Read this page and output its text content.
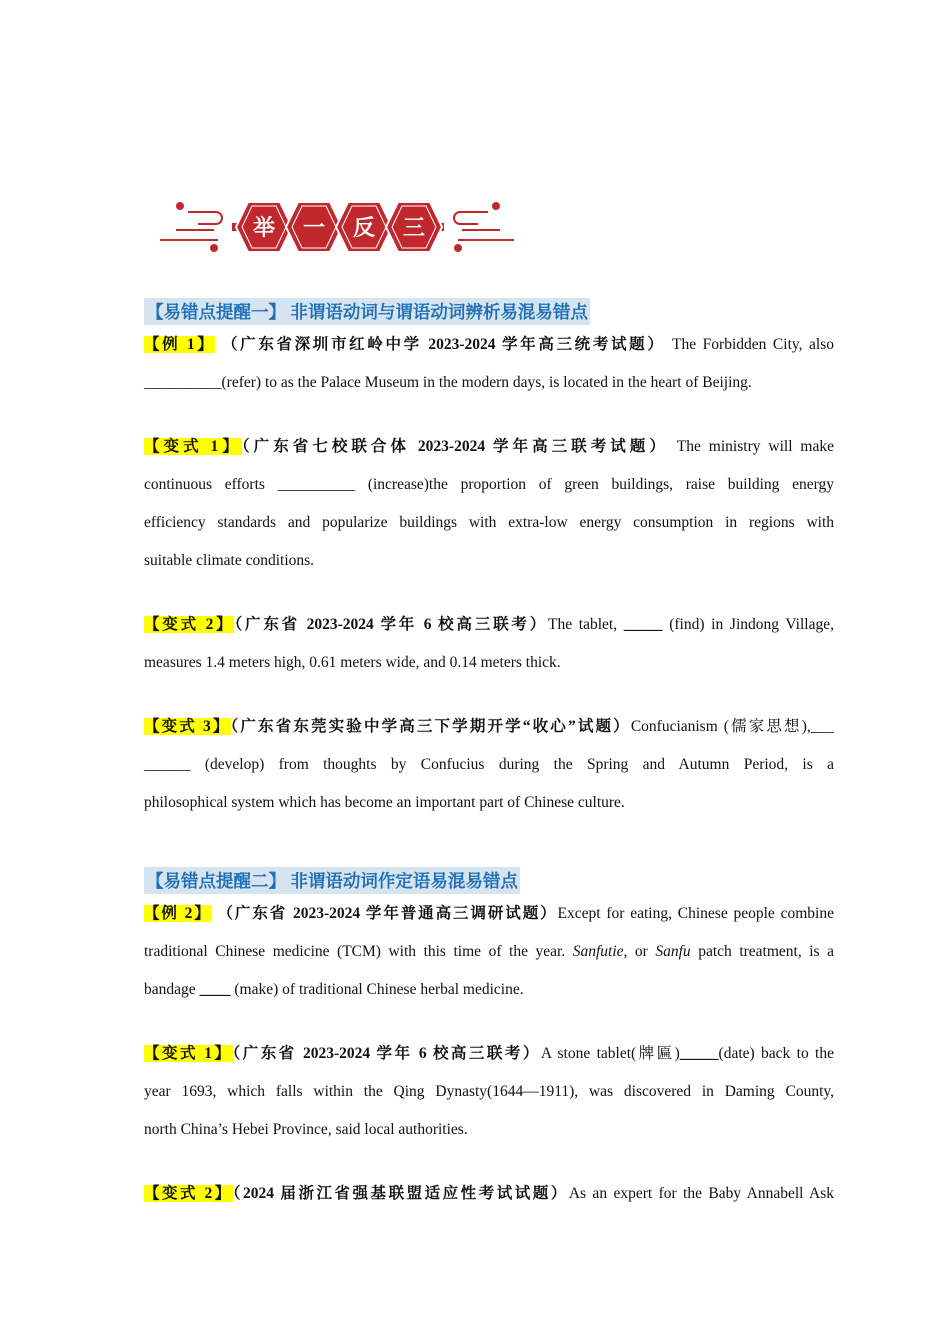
举	一	反	三
【易错点提醒一】 非谓语动词与谓语动词辨析易混易错点
【例 1】 （广东省深圳市红岭中学 2023-2024 学年高三统考试题） The Forbidden City, also
__________(refer) to as the Palace Museum in the modern days, is located in the heart of Beijing.
【变式 1】（广东省七校联合体 2023-2024 学年高三联考试题） The ministry will make
continuous efforts __________ (increase)the proportion of green buildings, raise building energy
efficiency standards and popularize buildings with extra-low energy consumption in regions with
suitable climate conditions.
【变式 2】（广东省 2023-2024 学年 6 校高三联考）The tablet, _____ (find) in Jindong Village,
measures 1.4 meters high, 0.61 meters wide, and 0.14 meters thick.
【变式 3】（广东省东莞实验中学高三下学期开学“收心”试题）Confucianism (儒家思想),___
______ (develop) from thoughts by Confucius during the Spring and Autumn Period, is a
philosophical system which has become an important part of Chinese culture.
【易错点提醒二】 非谓语动词作定语易混易错点
【例 2】 （广东省 2023-2024 学年普通高三调研试题）Except for eating, Chinese people combine
traditional Chinese medicine (TCM) with this time of the year. Sanfutie, or Sanfu patch treatment, is a
bandage ____ (make) of traditional Chinese herbal medicine.
【变式 1】（广东省 2023-2024 学年 6 校高三联考）A stone tablet(牌匾)_____(date) back to the
year 1693, which falls within the Qing Dynasty(1644—1911), was discovered in Daming County,
north China’s Hebei Province, said local authorities.
【变式 2】（2024 届浙江省强基联盟适应性考试试题）As an expert for the Baby Annabell Ask
